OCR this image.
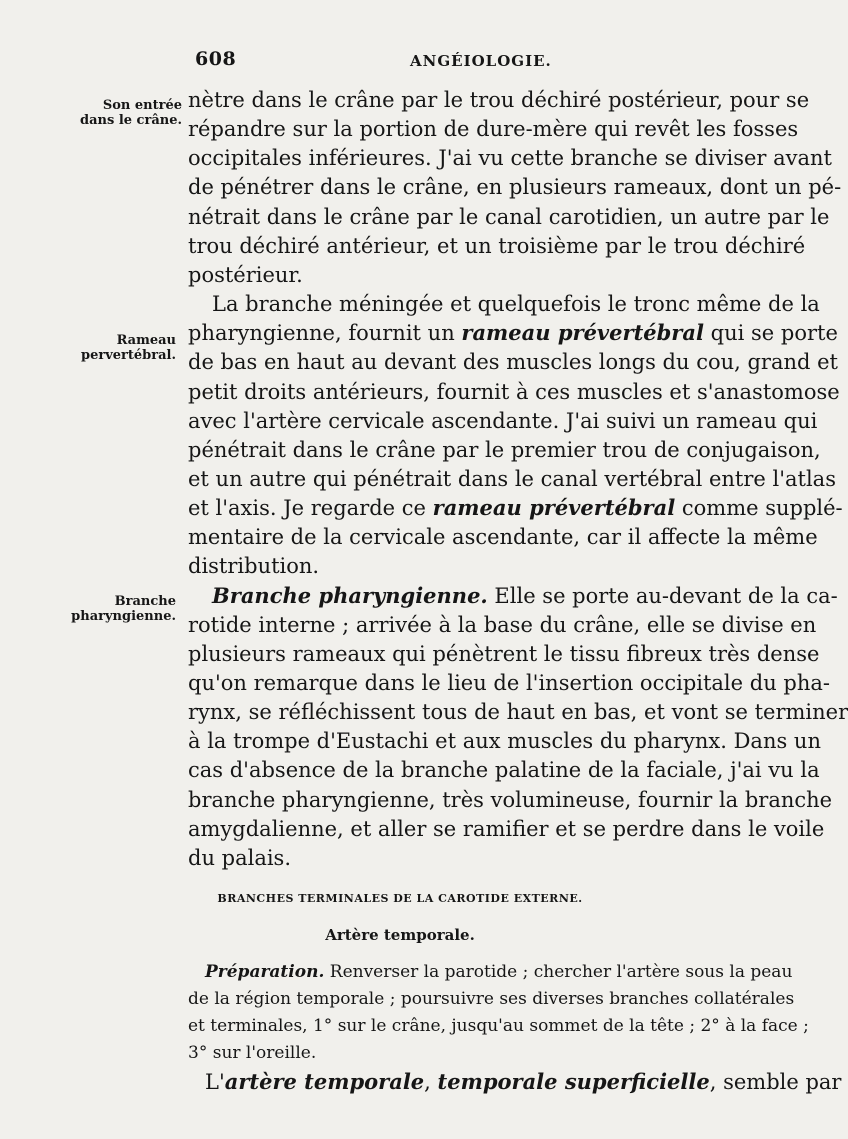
608	ANGÉIOLOGIE.
Son entrée
dans le crâne.
Rameau
pervertébral.
Branche
pharyngienne.
nètre dans le crâne par le trou déchiré postérieur, pour se
répandre sur la portion de dure-mère qui revêt les fosses
occipitales inférieures. J'ai vu cette branche se diviser avant
de pénétrer dans le crâne, en plusieurs rameaux, dont un pé-
nétrait dans le crâne par le canal carotidien, un autre par le
trou déchiré antérieur, et un troisième par le trou déchiré
postérieur.
La branche méningée et quelquefois le tronc même de la
pharyngienne, fournit un rameau prévertébral qui se porte
de bas en haut au devant des muscles longs du cou, grand et
petit droits antérieurs, fournit à ces muscles et s'anastomose
avec l'artère cervicale ascendante. J'ai suivi un rameau qui
pénétrait dans le crâne par le premier trou de conjugaison,
et un autre qui pénétrait dans le canal vertébral entre l'atlas
et l'axis. Je regarde ce rameau prévertébral comme supplé-
mentaire de la cervicale ascendante, car il affecte la même
distribution.
Branche pharyngienne. Elle se porte au-devant de la ca-
rotide interne ; arrivée à la base du crâne, elle se divise en
plusieurs rameaux qui pénètrent le tissu fibreux très dense
qu'on remarque dans le lieu de l'insertion occipitale du pha-
rynx, se réfléchissent tous de haut en bas, et vont se terminer
à la trompe d'Eustachi et aux muscles du pharynx. Dans un
cas d'absence de la branche palatine de la faciale, j'ai vu la
branche pharyngienne, très volumineuse, fournir la branche
amygdalienne, et aller se ramifier et se perdre dans le voile
du palais.
BRANCHES TERMINALES DE LA CAROTIDE EXTERNE.
Artère temporale.
Préparation. Renverser la parotide ; chercher l'artère sous la peau
de la région temporale ; poursuivre ses diverses branches collatérales
et terminales, 1° sur le crâne, jusqu'au sommet de la tête ; 2° à la face ;
3° sur l'oreille.
L'artère temporale, temporale superficielle, semble par
